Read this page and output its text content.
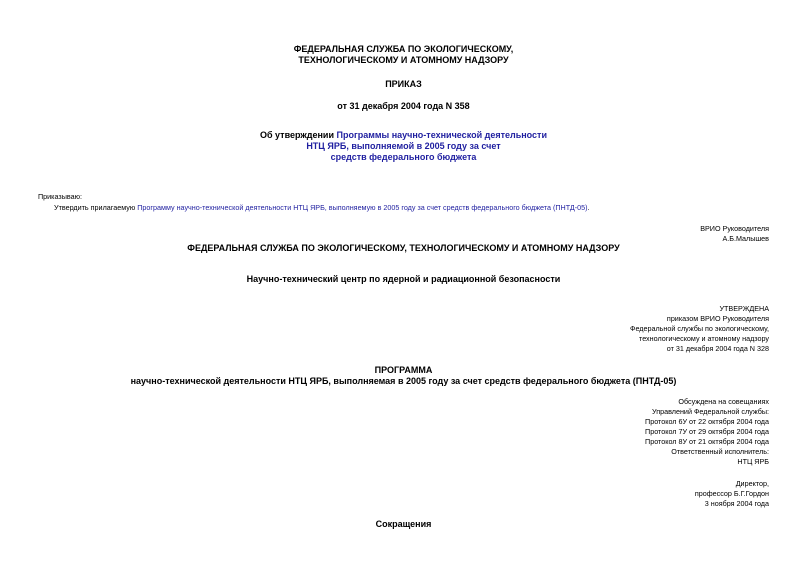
ФЕДЕРАЛЬНАЯ СЛУЖБА ПО ЭКОЛОГИЧЕСКОМУ,
ТЕХНОЛОГИЧЕСКОМУ И АТОМНОМУ НАДЗОРУ
ПРИКАЗ
от 31 декабря 2004 года N 358
Об утверждении Программы научно-технической деятельности
НТЦ ЯРБ, выполняемой в 2005 году за счет
средств федерального бюджета
Приказываю:
Утвердить прилагаемую Программу научно-технической деятельности НТЦ ЯРБ, выполняемую в 2005 году за счет средств федерального бюджета (ПНТД-05).
ВРИО Руководителя
А.Б.Малышев
ФЕДЕРАЛЬНАЯ СЛУЖБА ПО ЭКОЛОГИЧЕСКОМУ, ТЕХНОЛОГИЧЕСКОМУ И АТОМНОМУ НАДЗОРУ
Научно-технический центр по ядерной и радиационной безопасности
УТВЕРЖДЕНА
приказом ВРИО Руководителя
Федеральной службы по экологическому,
технологическому и атомному надзору
от 31 декабря 2004 года N 328
ПРОГРАММА
научно-технической деятельности НТЦ ЯРБ, выполняемая в 2005 году за счет средств федерального бюджета (ПНТД-05)
Обсуждена на совещаниях
Управлений Федеральной службы:
Протокол 6У от 22 октября 2004 года
Протокол 7У от 29 октября 2004 года
Протокол 8У от 21 октября 2004 года
Ответственный исполнитель:
НТЦ ЯРБ
Директор,
профессор Б.Г.Гордон
3 ноября 2004 года
Сокращения
